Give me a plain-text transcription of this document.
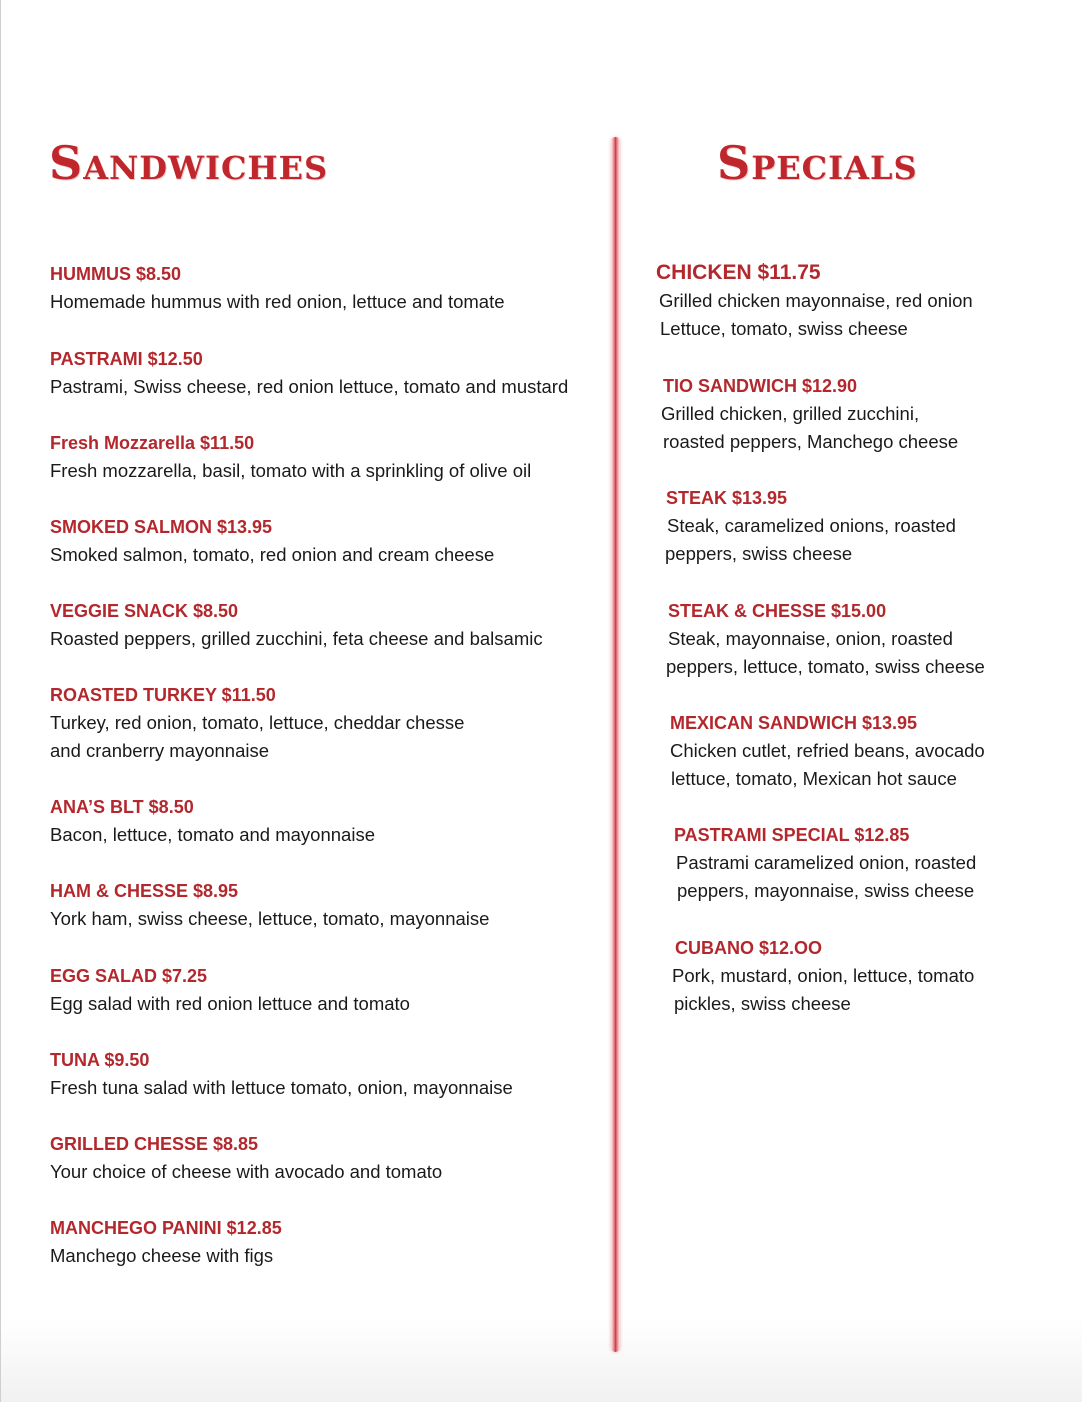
Sandwiches	Specials

HUMMUS $8.50

Homemade hummus with red onion, lettuce and tomate

PASTRAMI $12.50

Pastrami, Swiss cheese, red onion lettuce, tomato and mustard

Fresh Mozzarella $11.50

Fresh mozzarella, basil, tomato with a sprinkling of olive oil

SMOKED SALMON $13.95

Smoked salmon, tomato, red onion and cream cheese

VEGGIE SNACK $8.50

Roasted peppers, grilled zucchini, feta cheese and balsamic

ROASTED TURKEY $11.50

Turkey, red onion, tomato, lettuce, cheddar chesse

and cranberry mayonnaise

ANA’S BLT $8.50

Bacon, lettuce, tomato and mayonnaise

HAM & CHESSE $8.95

York ham, swiss cheese, lettuce, tomato, mayonnaise

EGG SALAD $7.25

Egg salad with red onion lettuce and tomato

TUNA $9.50

Fresh tuna salad with lettuce tomato, onion, mayonnaise

GRILLED CHESSE $8.85

Your choice of cheese with avocado and tomato

MANCHEGO PANINI $12.85

Manchego cheese with figs

CHICKEN $11.75

Grilled chicken mayonnaise, red onion

Lettuce, tomato, swiss cheese

TIO SANDWICH $12.90

Grilled chicken, grilled zucchini,

roasted peppers, Manchego cheese

STEAK $13.95

Steak, caramelized onions, roasted

peppers, swiss cheese

STEAK & CHESSE $15.00

Steak, mayonnaise, onion, roasted

peppers, lettuce, tomato, swiss cheese

MEXICAN SANDWICH $13.95

Chicken cutlet, refried beans, avocado

lettuce, tomato, Mexican hot sauce

PASTRAMI SPECIAL $12.85

Pastrami caramelized onion, roasted

peppers, mayonnaise, swiss cheese

CUBANO $12.OO

Pork, mustard, onion, lettuce, tomato

pickles, swiss cheese
